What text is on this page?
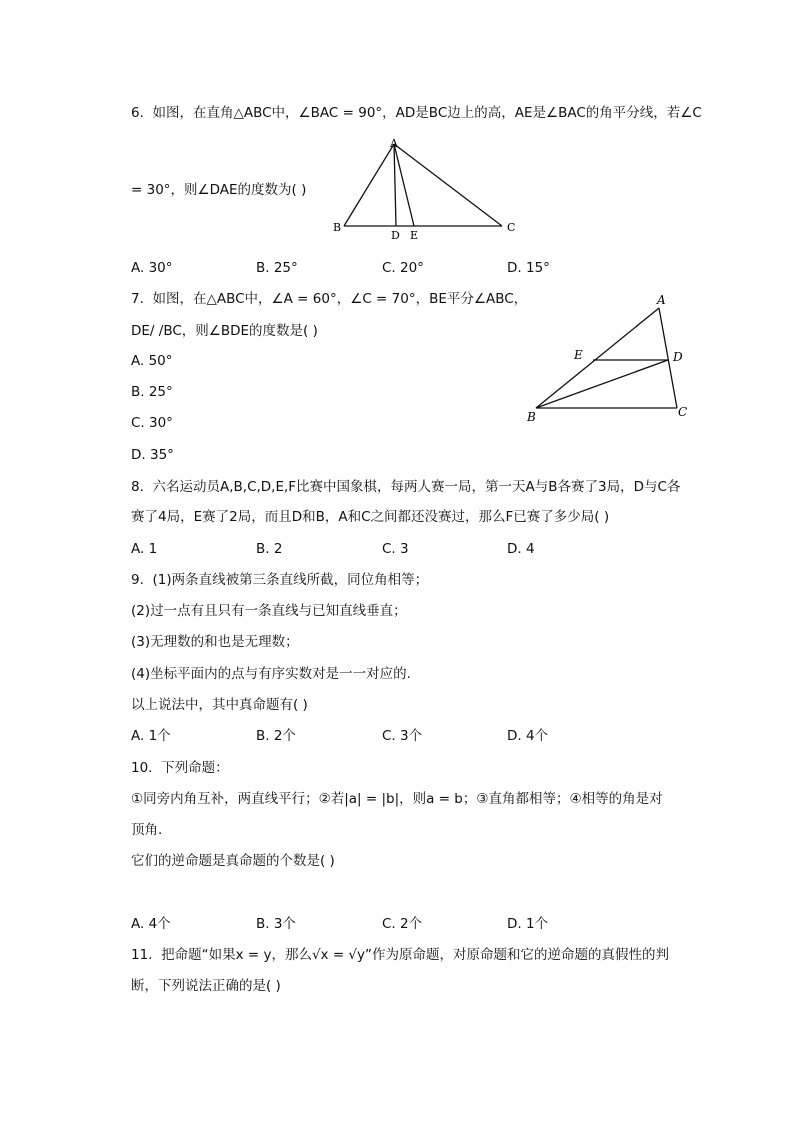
6. 如图，在直角△ABC中，∠BAC = 90°，AD是BC边上的高，AE是∠BAC的角平分线，若∠C
= 30°，则∠DAE的度数为( )
A
B
D E
C
A. 30°	B. 25°	C. 20°	D. 15°
7. 如图，在△ABC中，∠A = 60°，∠C = 70°，BE平分∠ABC，
DE/ /BC，则∠BDE的度数是( )
A
E	D
B	C
A. 50°
B. 25°
C. 30°
D. 35°
8. 六名运动员A,B,C,D,E,F比赛中国象棋，每两人赛一局，第一天A与B各赛了3局，D与C各
赛了4局，E赛了2局，而且D和B，A和C之间都还没赛过，那么F已赛了多少局( )
A. 1	B. 2	C. 3	D. 4
9. (1)两条直线被第三条直线所截，同位角相等；
(2)过一点有且只有一条直线与已知直线垂直；
(3)无理数的和也是无理数；
(4)坐标平面内的点与有序实数对是一一对应的.
以上说法中，其中真命题有( )
A. 1个	B. 2个	C. 3个	D. 4个
10. 下列命题：
①同旁内角互补，两直线平行；②若|a| = |b|，则a = b；③直角都相等；④相等的角是对
顶角.
它们的逆命题是真命题的个数是( )
A. 4个	B. 3个	C. 2个	D. 1个
11. 把命题“如果x = y，那么√x = √y”作为原命题，对原命题和它的逆命题的真假性的判
断，下列说法正确的是( )
